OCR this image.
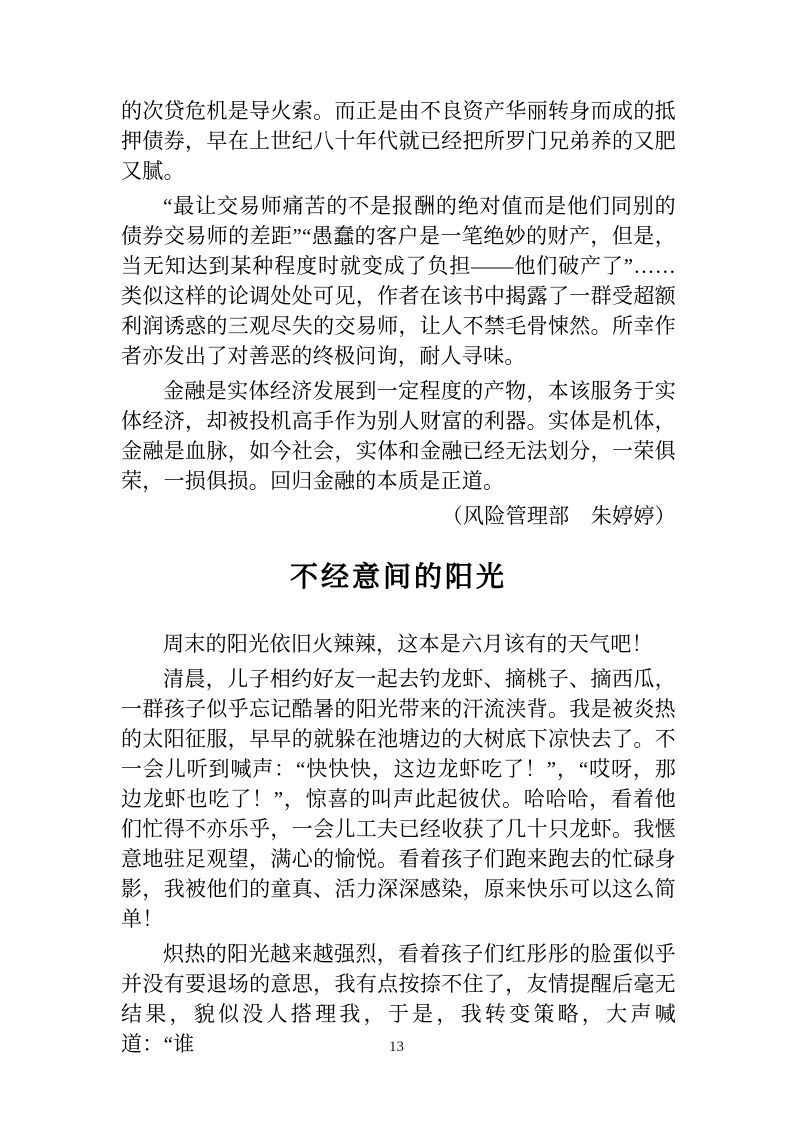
的次贷危机是导火索。而正是由不良资产华丽转身而成的抵押债券，早在上世纪八十年代就已经把所罗门兄弟养的又肥又腻。

“最让交易师痛苦的不是报酬的绝对值而是他们同别的债券交易师的差距”“愚蠢的客户是一笔绝妙的财产，但是，当无知达到某种程度时就变成了负担——他们破产了”……类似这样的论调处处可见，作者在该书中揭露了一群受超额利润诱惑的三观尽失的交易师，让人不禁毛骨悚然。所幸作者亦发出了对善恶的终极问询，耐人寻味。

金融是实体经济发展到一定程度的产物，本该服务于实体经济，却被投机高手作为别人财富的利器。实体是机体，金融是血脉，如今社会，实体和金融已经无法划分，一荣俱荣，一损俱损。回归金融的本质是正道。

（风险管理部　朱婷婷）

不经意间的阳光

周末的阳光依旧火辣辣，这本是六月该有的天气吧！

清晨，儿子相约好友一起去钓龙虾、摘桃子、摘西瓜，一群孩子似乎忘记酷暑的阳光带来的汗流浃背。我是被炎热的太阳征服，早早的就躲在池塘边的大树底下凉快去了。不一会儿听到喊声：“快快快，这边龙虾吃了！”，“哎呀，那边龙虾也吃了！”，惊喜的叫声此起彼伏。哈哈哈，看着他们忙得不亦乐乎，一会儿工夫已经收获了几十只龙虾。我惬意地驻足观望，满心的愉悦。看着孩子们跑来跑去的忙碌身影，我被他们的童真、活力深深感染，原来快乐可以这么简单！

炽热的阳光越来越强烈，看着孩子们红彤彤的脸蛋似乎并没有要退场的意思，我有点按捺不住了，友情提醒后毫无结果，貌似没人搭理我，于是，我转变策略，大声喊道：“谁	13
